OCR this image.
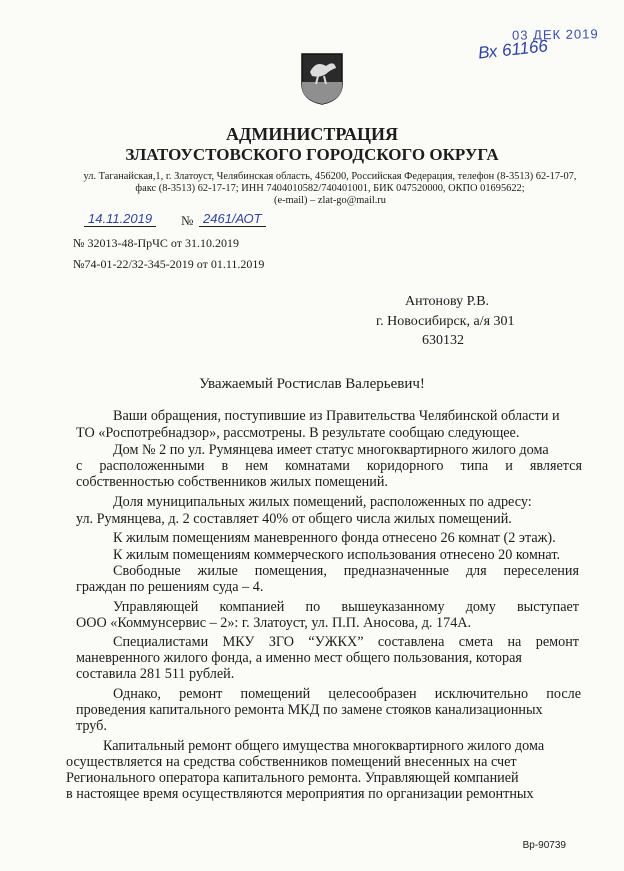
03 ДЕК 2019
Вх 61166
АДМИНИСТРАЦИЯ
ЗЛАТОУСТОВСКОГО ГОРОДСКОГО ОКРУГА
ул. Таганайская,1, г. Златоуст, Челябинская область, 456200, Российская Федерация, телефон (8-3513) 62-17-07,
факс (8-3513) 62-17-17; ИНН 7404010582/740401001, БИК 047520000, ОКПО 01695622;
(e-mail) – zlat-go@mail.ru
14.11.2019	№ 2461/АОТ
№ 32013-48-ПрЧС от 31.10.2019
№74-01-22/32-345-2019 от 01.11.2019
Антонову Р.В.
г. Новосибирск, а/я 301
630132
Уважаемый Ростислав Валерьевич!
Ваши обращения, поступившие из Правительства Челябинской области и
ТО «Роспотребнадзор», рассмотрены. В результате сообщаю следующее.
Дом № 2 по ул. Румянцева имеет статус многоквартирного жилого дома
с расположенными в нем комнатами коридорного типа и является
собственностью собственников жилых помещений.
Доля муниципальных жилых помещений, расположенных по адресу:
ул. Румянцева, д. 2 составляет 40% от общего числа жилых помещений.
К жилым помещениям маневренного фонда отнесено 26 комнат (2 этаж).
К жилым помещениям коммерческого использования отнесено 20 комнат.
Свободные жилые помещения, предназначенные для переселения
граждан по решениям суда – 4.
Управляющей компанией по вышеуказанному дому выступает
ООО «Коммунсервис – 2»: г. Златоуст, ул. П.П. Аносова, д. 174А.
Специалистами МКУ ЗГО “УЖКХ” составлена смета на ремонт
маневренного жилого фонда, а именно мест общего пользования, которая
составила 281 511 рублей.
Однако, ремонт помещений целесообразен исключительно после
проведения капитального ремонта МКД по замене стояков канализационных
труб.
Капитальный ремонт общего имущества многоквартирного жилого дома
осуществляется на средства собственников помещений внесенных на счет
Регионального оператора капитального ремонта. Управляющей компанией
в настоящее время осуществляются мероприятия по организации ремонтных
Вр-90739
